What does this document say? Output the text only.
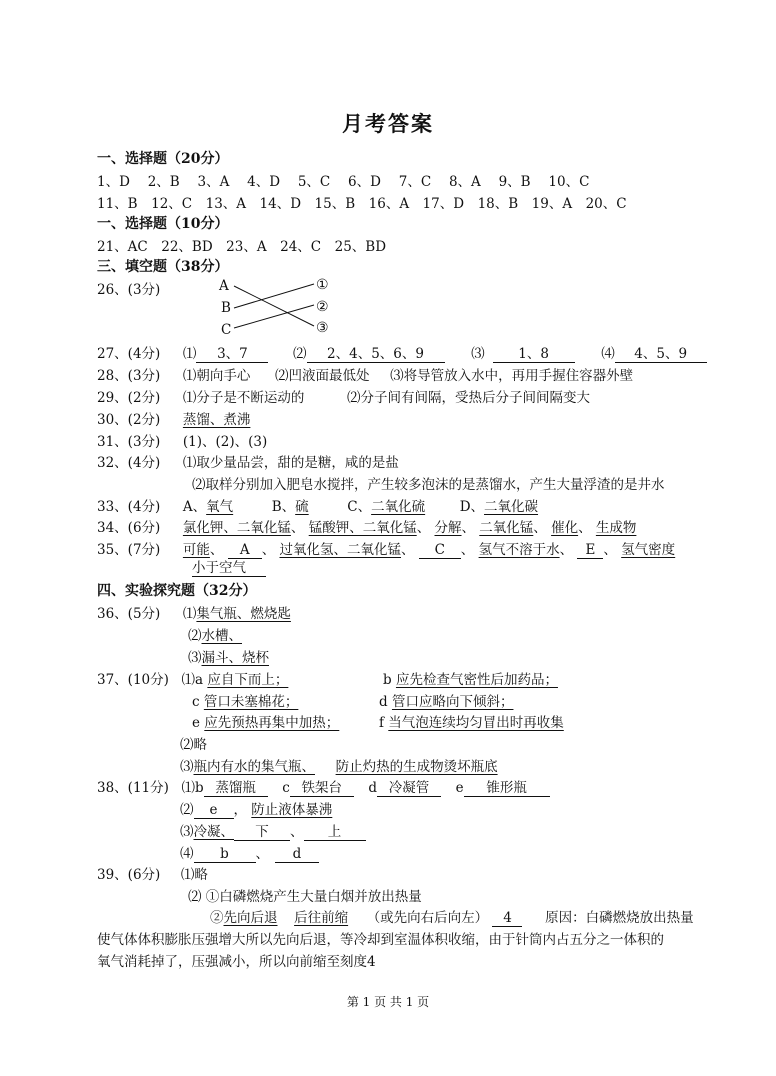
月考答案
一、选择题（20分）
1、D　 2、B　 3、A　 4、D　 5、C　 6、D　 7、C　 8、A　 9、B　 10、C
11、B　12、C　13、A　14、D　15、B　16、A　17、D　18、B　19、A　20、C
一、选择题（10分）
21、AC　22、BD　23、A　24、C　25、BD
三、填空题（38分）
26、(3分)	A
B
C
①
②
③
27、(4分) ⑴ 3、7	⑵ 2、4、5、6、9	⑶ 1、8	⑷ 4、5、9
28、(3分) ⑴朝向手心 ⑵凹液面最低处 ⑶将导管放入水中，再用手握住容器外壁
29、(2分) ⑴分子是不断运动的	⑵分子间有间隔，受热后分子间间隔变大
30、(2分) 蒸馏、煮沸
31、(3分) (1)、(2)、(3)
32、(4分) ⑴取少量品尝，甜的是糖，咸的是盐
⑵取样分别加入肥皂水搅拌，产生较多泡沫的是蒸馏水，产生大量浮渣的是井水
33、(4分) A、氧气	B、硫	C、二氧化硫	D、二氧化碳
34、(6分) 氯化钾、二氧化锰、 锰酸钾、二氧化锰、 分解、 二氧化锰、 催化、 生成物
35、(7分) 可能、 A 、 过氧化氢、二氧化锰、 C 、 氢气不溶于水、 E 、 氢气密度
小于空气
四、实验探究题（32分）
36、(5分) ⑴集气瓶、燃烧匙
⑵水槽、
⑶漏斗、烧杯
37、(10分) ⑴a 应自下而上；	b 应先检查气密性后加药品；
c 管口未塞棉花；	d 管口应略向下倾斜；
e 应先预热再集中加热；	f 当气泡连续均匀冒出时再收集
⑵略
⑶瓶内有水的集气瓶、 防止灼热的生成物烫坏瓶底
38、(11分) ⑴b 蒸馏瓶 c 铁架台 d 冷凝管 e 锥形瓶
⑵ e ， 防止液体暴沸
⑶冷凝、 下 、 上
⑷ b 、 d
39、(6分) ⑴略
⑵ ①白磷燃烧产生大量白烟并放出热量
②先向后退 后往前缩 （或先向右后向左） 4 原因：白磷燃烧放出热量
使气体体积膨胀压强增大所以先向后退，等冷却到室温体积收缩，由于针筒内占五分之一体积的
氧气消耗掉了，压强减小，所以向前缩至刻度4
第 1 页 共 1 页
